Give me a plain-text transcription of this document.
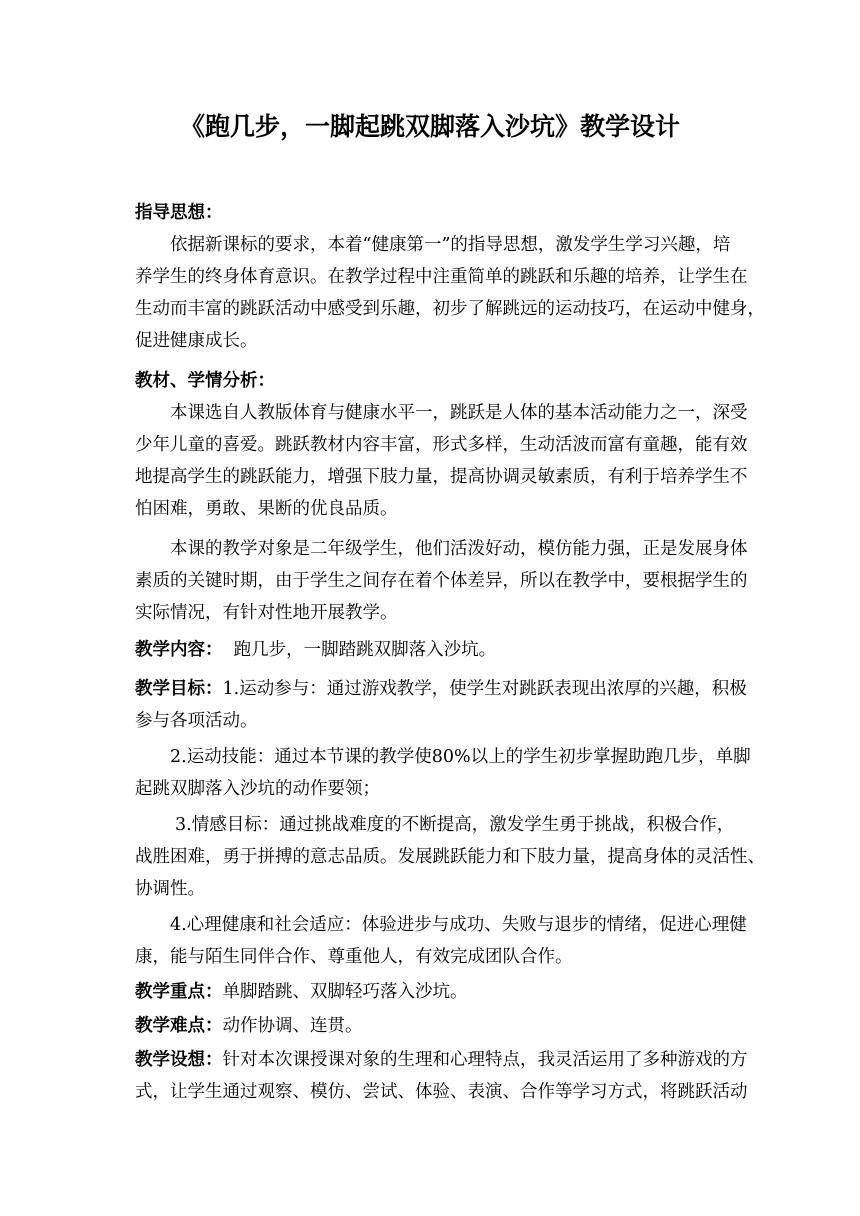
《跑几步，一脚起跳双脚落入沙坑》教学设计
指导思想：
依据新课标的要求，本着“健康第一”的指导思想，激发学生学习兴趣，培
养学生的终身体育意识。在教学过程中注重简单的跳跃和乐趣的培养，让学生在
生动而丰富的跳跃活动中感受到乐趣，初步了解跳远的运动技巧，在运动中健身，
促进健康成长。
教材、学情分析：
本课选自人教版体育与健康水平一，跳跃是人体的基本活动能力之一，深受
少年儿童的喜爱。跳跃教材内容丰富，形式多样，生动活波而富有童趣，能有效
地提高学生的跳跃能力，增强下肢力量，提高协调灵敏素质，有利于培养学生不
怕困难，勇敢、果断的优良品质。
本课的教学对象是二年级学生，他们活泼好动，模仿能力强，正是发展身体
素质的关键时期，由于学生之间存在着个体差异，所以在教学中，要根据学生的
实际情况，有针对性地开展教学。
教学内容：  跑几步，一脚踏跳双脚落入沙坑。
教学目标：1.运动参与：通过游戏教学，使学生对跳跃表现出浓厚的兴趣，积极
参与各项活动。
2.运动技能：通过本节课的教学使80%以上的学生初步掌握助跑几步，单脚
起跳双脚落入沙坑的动作要领；
3.情感目标：通过挑战难度的不断提高，激发学生勇于挑战，积极合作，
战胜困难，勇于拼搏的意志品质。发展跳跃能力和下肢力量，提高身体的灵活性、
协调性。
4.心理健康和社会适应：体验进步与成功、失败与退步的情绪，促进心理健
康，能与陌生同伴合作、尊重他人，有效完成团队合作。
教学重点：单脚踏跳、双脚轻巧落入沙坑。
教学难点：动作协调、连贯。
教学设想：针对本次课授课对象的生理和心理特点，我灵活运用了多种游戏的方
式，让学生通过观察、模仿、尝试、体验、表演、合作等学习方式，将跳跃活动
